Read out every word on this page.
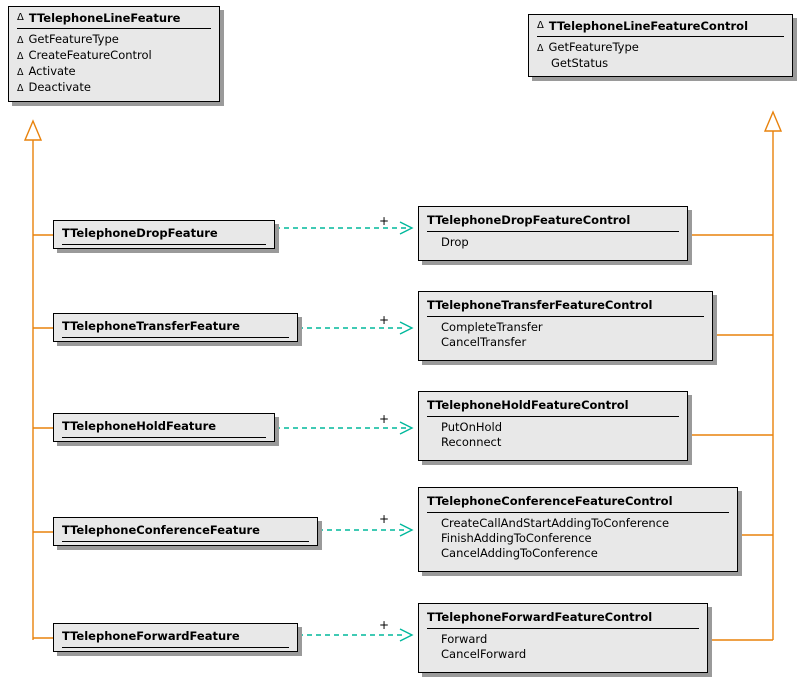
Δ TTelephoneLineFeature
Δ GetFeatureType
Δ CreateFeatureControl
Δ Activate
Δ Deactivate
Δ TTelephoneLineFeatureControl
Δ GetFeatureType
GetStatus
TTelephoneDropFeature
TTelephoneDropFeatureControl
Drop
TTelephoneTransferFeature
TTelephoneTransferFeatureControl
CompleteTransfer
CancelTransfer
TTelephoneHoldFeature
TTelephoneHoldFeatureControl
PutOnHold
Reconnect
TTelephoneConferenceFeature
TTelephoneConferenceFeatureControl
CreateCallAndStartAddingToConference
FinishAddingToConference
CancelAddingToConference
TTelephoneForwardFeature
TTelephoneForwardFeatureControl
Forward
CancelForward
+
+
+
+
+
